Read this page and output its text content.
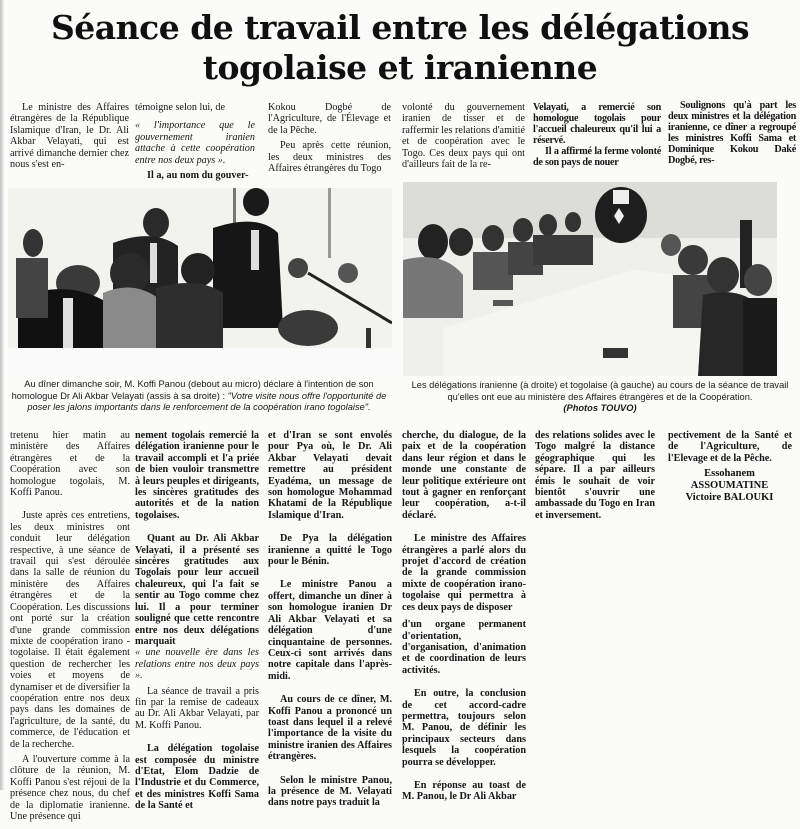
Séance de travail entre les délégations
togolaise et iranienne

Le ministre des Affaires étrangères de la République Islamique d'Iran, le Dr. Ali Akbar Velayati, qui est arrivé dimanche dernier chez nous s'est en-

témoigne selon lui, de

« l'importance que le gouvernement iranien attache à cette coopération entre nos deux pays ».

Il a, au nom du gouver-

Kokou Dogbé de l'Agriculture, de l'Élevage et de la Pêche.

Peu après cette réunion, les deux ministres des Affaires étrangères du Togo

volonté du gouvernement iranien de tisser et de raffermir les relations d'amitié et de coopération avec le Togo. Ces deux pays qui ont d'ailleurs fait de la re-

Velayati, a remercié son homologue togolais pour l'accueil chaleureux qu'il lui a réservé.

Il a affirmé la ferme volonté de son pays de nouer

Soulignons qu'à part les deux ministres et la délégation iranienne, ce dîner a regroupé les ministres Koffi Sama et Dominique Kokou Daké Dogbé, res-

Au dîner dimanche soir, M. Koffi Panou (debout au micro) déclare à l'intention de son homologue Dr Ali Akbar Velayati (assis à sa droite) : "Votre visite nous offre l'opportunité de poser les jalons importants dans le renforcement de la coopération irano togolaise".
Les délégations iranienne (à droite) et togolaise (à gauche) au cours de la séance de travail qu'elles ont eue au ministère des Affaires étrangères et de la Coopération.
(Photos TOUVO)

tretenu hier matin au ministère des Affaires étrangères et de la Coopération avec son homologue togolais, M. Koffi Panou.

Juste après ces entretiens, les deux ministres ont conduit leur délégation respective, à une séance de travail qui s'est déroulée dans la salle de réunion du ministère des Affaires étrangères et de la Coopération. Les discussions ont porté sur la création d'une grande commission mixte de coopération irano - togolaise. Il était également question de rechercher les voies et moyens de dynamiser et de diversifier la coopération entre nos deux pays dans les domaines de l'agriculture, de la santé, du commerce, de l'éducation et de la recherche.

A l'ouverture comme à la clôture de la réunion, M. Koffi Panou s'est réjoui de la présence chez nous, du chef de la diplomatie iranienne. Une présence qui

nement togolais remercié la délégation iranienne pour le travail accompli et l'a priée de bien vouloir transmettre à leurs peuples et dirigeants, les sincères gratitudes des autorités et de la nation togolaises.

Quant au Dr. Ali Akbar Velayati, il a présenté ses sincères gratitudes aux Togolais pour leur accueil chaleureux, qui l'a fait se sentir au Togo comme chez lui. Il a pour terminer souligné que cette rencontre entre nos deux délégations marquait

« une nouvelle ère dans les relations entre nos deux pays ».

La séance de travail a pris fin par la remise de cadeaux au Dr. Ali Akbar Velayati, par M. Koffi Panou.

La délégation togolaise est composée du ministre d'Etat, Elom Dadzie de l'Industrie et du Commerce, et des ministres Koffi Sama de la Santé et

et d'Iran se sont envolés pour Pya où, le Dr. Ali Akbar Velayati devait remettre au président Eyadéma, un message de son homologue Mohammad Khatami de la République Islamique d'Iran.

De Pya la délégation iranienne a quitté le Togo pour le Bénin.

Le ministre Panou a offert, dimanche un dîner à son homologue iranien Dr Ali Akbar Velayati et sa délégation d'une cinquantaine de personnes. Ceux-ci sont arrivés dans notre capitale dans l'après-midi.

Au cours de ce dîner, M. Koffi Panou a prononcé un toast dans lequel il a relevé l'importance de la visite du ministre iranien des Affaires étrangères.

Selon le ministre Panou, la présence de M. Velayati dans notre pays traduit la

cherche, du dialogue, de la paix et de la coopération dans leur région et dans le monde une constante de leur politique extérieure ont tout à gagner en renforçant leur coopération, a-t-il déclaré.

Le ministre des Affaires étrangères a parlé alors du projet d'accord de création de la grande commission mixte de coopération irano-togolaise qui permettra à ces deux pays de disposer

d'un organe permanent d'orientation, d'organisation, d'animation et de coordination de leurs activités.

En outre, la conclusion de cet accord-cadre permettra, toujours selon M. Panou, de définir les principaux secteurs dans lesquels la coopération pourra se développer.

En réponse au toast de M. Panou, le Dr Ali Akbar

des relations solides avec le Togo malgré la distance géographique qui les sépare. Il a par ailleurs émis le souhait de voir bientôt s'ouvrir une ambassade du Togo en Iran et inversement.

pectivement de la Santé et de l'Agriculture, de l'Elevage et de la Pêche.

Essohanem
ASSOUMATINE
Victoire BALOUKI
